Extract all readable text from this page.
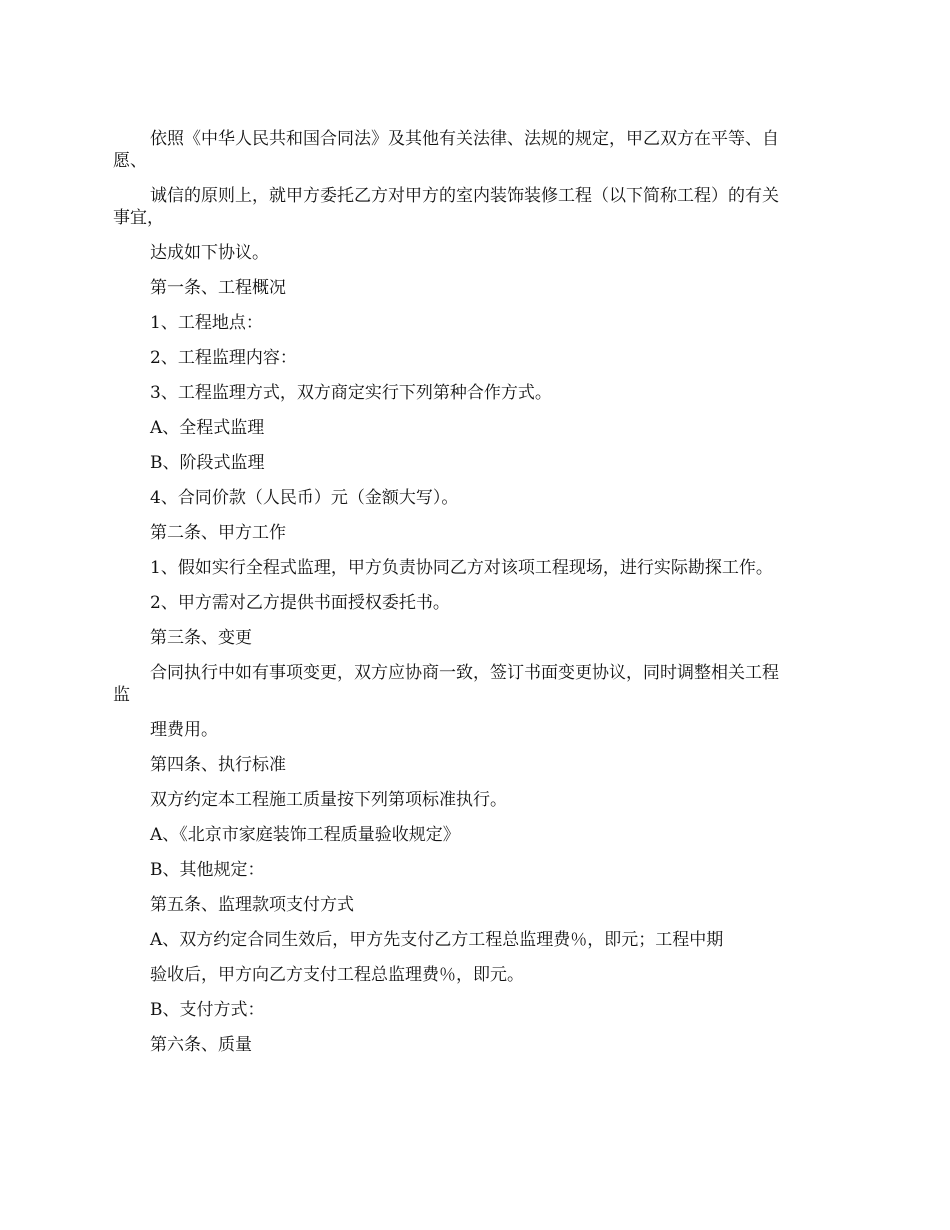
依照《中华人民共和国合同法》及其他有关法律、法规的规定，甲乙双方在平等、自
愿、
诚信的原则上，就甲方委托乙方对甲方的室内装饰装修工程（以下简称工程）的有关
事宜，
达成如下协议。
第一条、工程概况
1、工程地点：
2、工程监理内容：
3、工程监理方式，双方商定实行下列第种合作方式。
A、全程式监理
B、阶段式监理
4、合同价款（人民币）元（金额大写）。
第二条、甲方工作
1、假如实行全程式监理，甲方负责协同乙方对该项工程现场，进行实际勘探工作。
2、甲方需对乙方提供书面授权委托书。
第三条、变更
合同执行中如有事项变更，双方应协商一致，签订书面变更协议，同时调整相关工程
监
理费用。
第四条、执行标准
双方约定本工程施工质量按下列第项标准执行。
A、《北京市家庭装饰工程质量验收规定》
B、其他规定：
第五条、监理款项支付方式
A、双方约定合同生效后，甲方先支付乙方工程总监理费％，即元；工程中期
验收后，甲方向乙方支付工程总监理费％，即元。
B、支付方式：
第六条、质量
